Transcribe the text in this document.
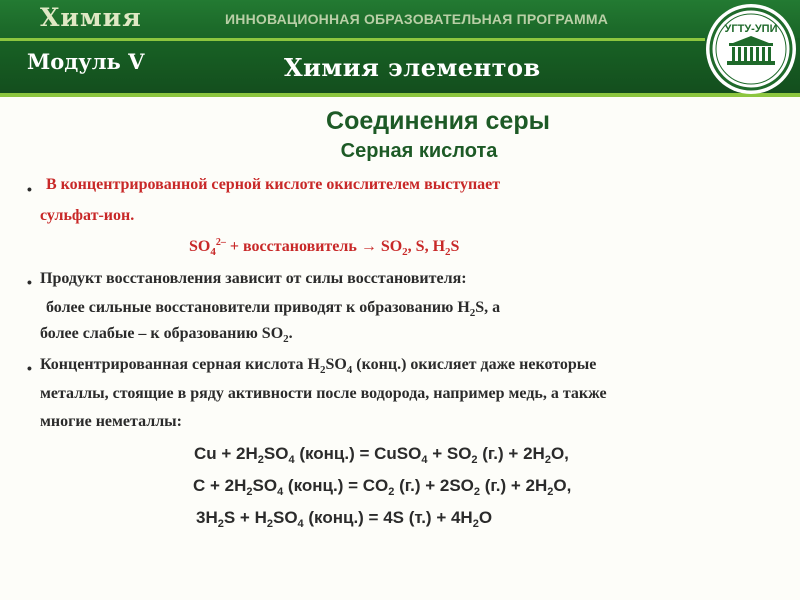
Химия	ИННОВАЦИОННАЯ ОБРАЗОВАТЕЛЬНАЯ ПРОГРАММА
Модуль V	Химия элементов
УГТУ-УПИ
Соединения серы
Серная кислота
• В концентрированной серной кислоте окислителем выступает
сульфат-ион.
$SO_4^{2-}$ + восстановитель → $SO_2$, S, $H_2S$
• Продукт восстановления зависит от силы восстановителя:
более сильные восстановители приводят к образованию $H_2S$, а
более слабые – к образованию $SO_2$.
• Концентрированная серная кислота $H_2SO_4$ (конц.) окисляет даже некоторые
металлы, стоящие в ряду активности после водорода, например медь, а также
многие неметаллы:
$Cu + 2H_2SO_4$ (конц.) = CuSO$_4$ + $SO_2$ $(г.) + 2H_2O$,
$C + 2H_2SO_4$ (конц.) = $CO_2$ $(г.) + 2SO_2$ $(г.) + 2H_2O$,
$3H_2S + H_2SO_4$ (конц.) = 4S $(т.) + 4H_2O$
